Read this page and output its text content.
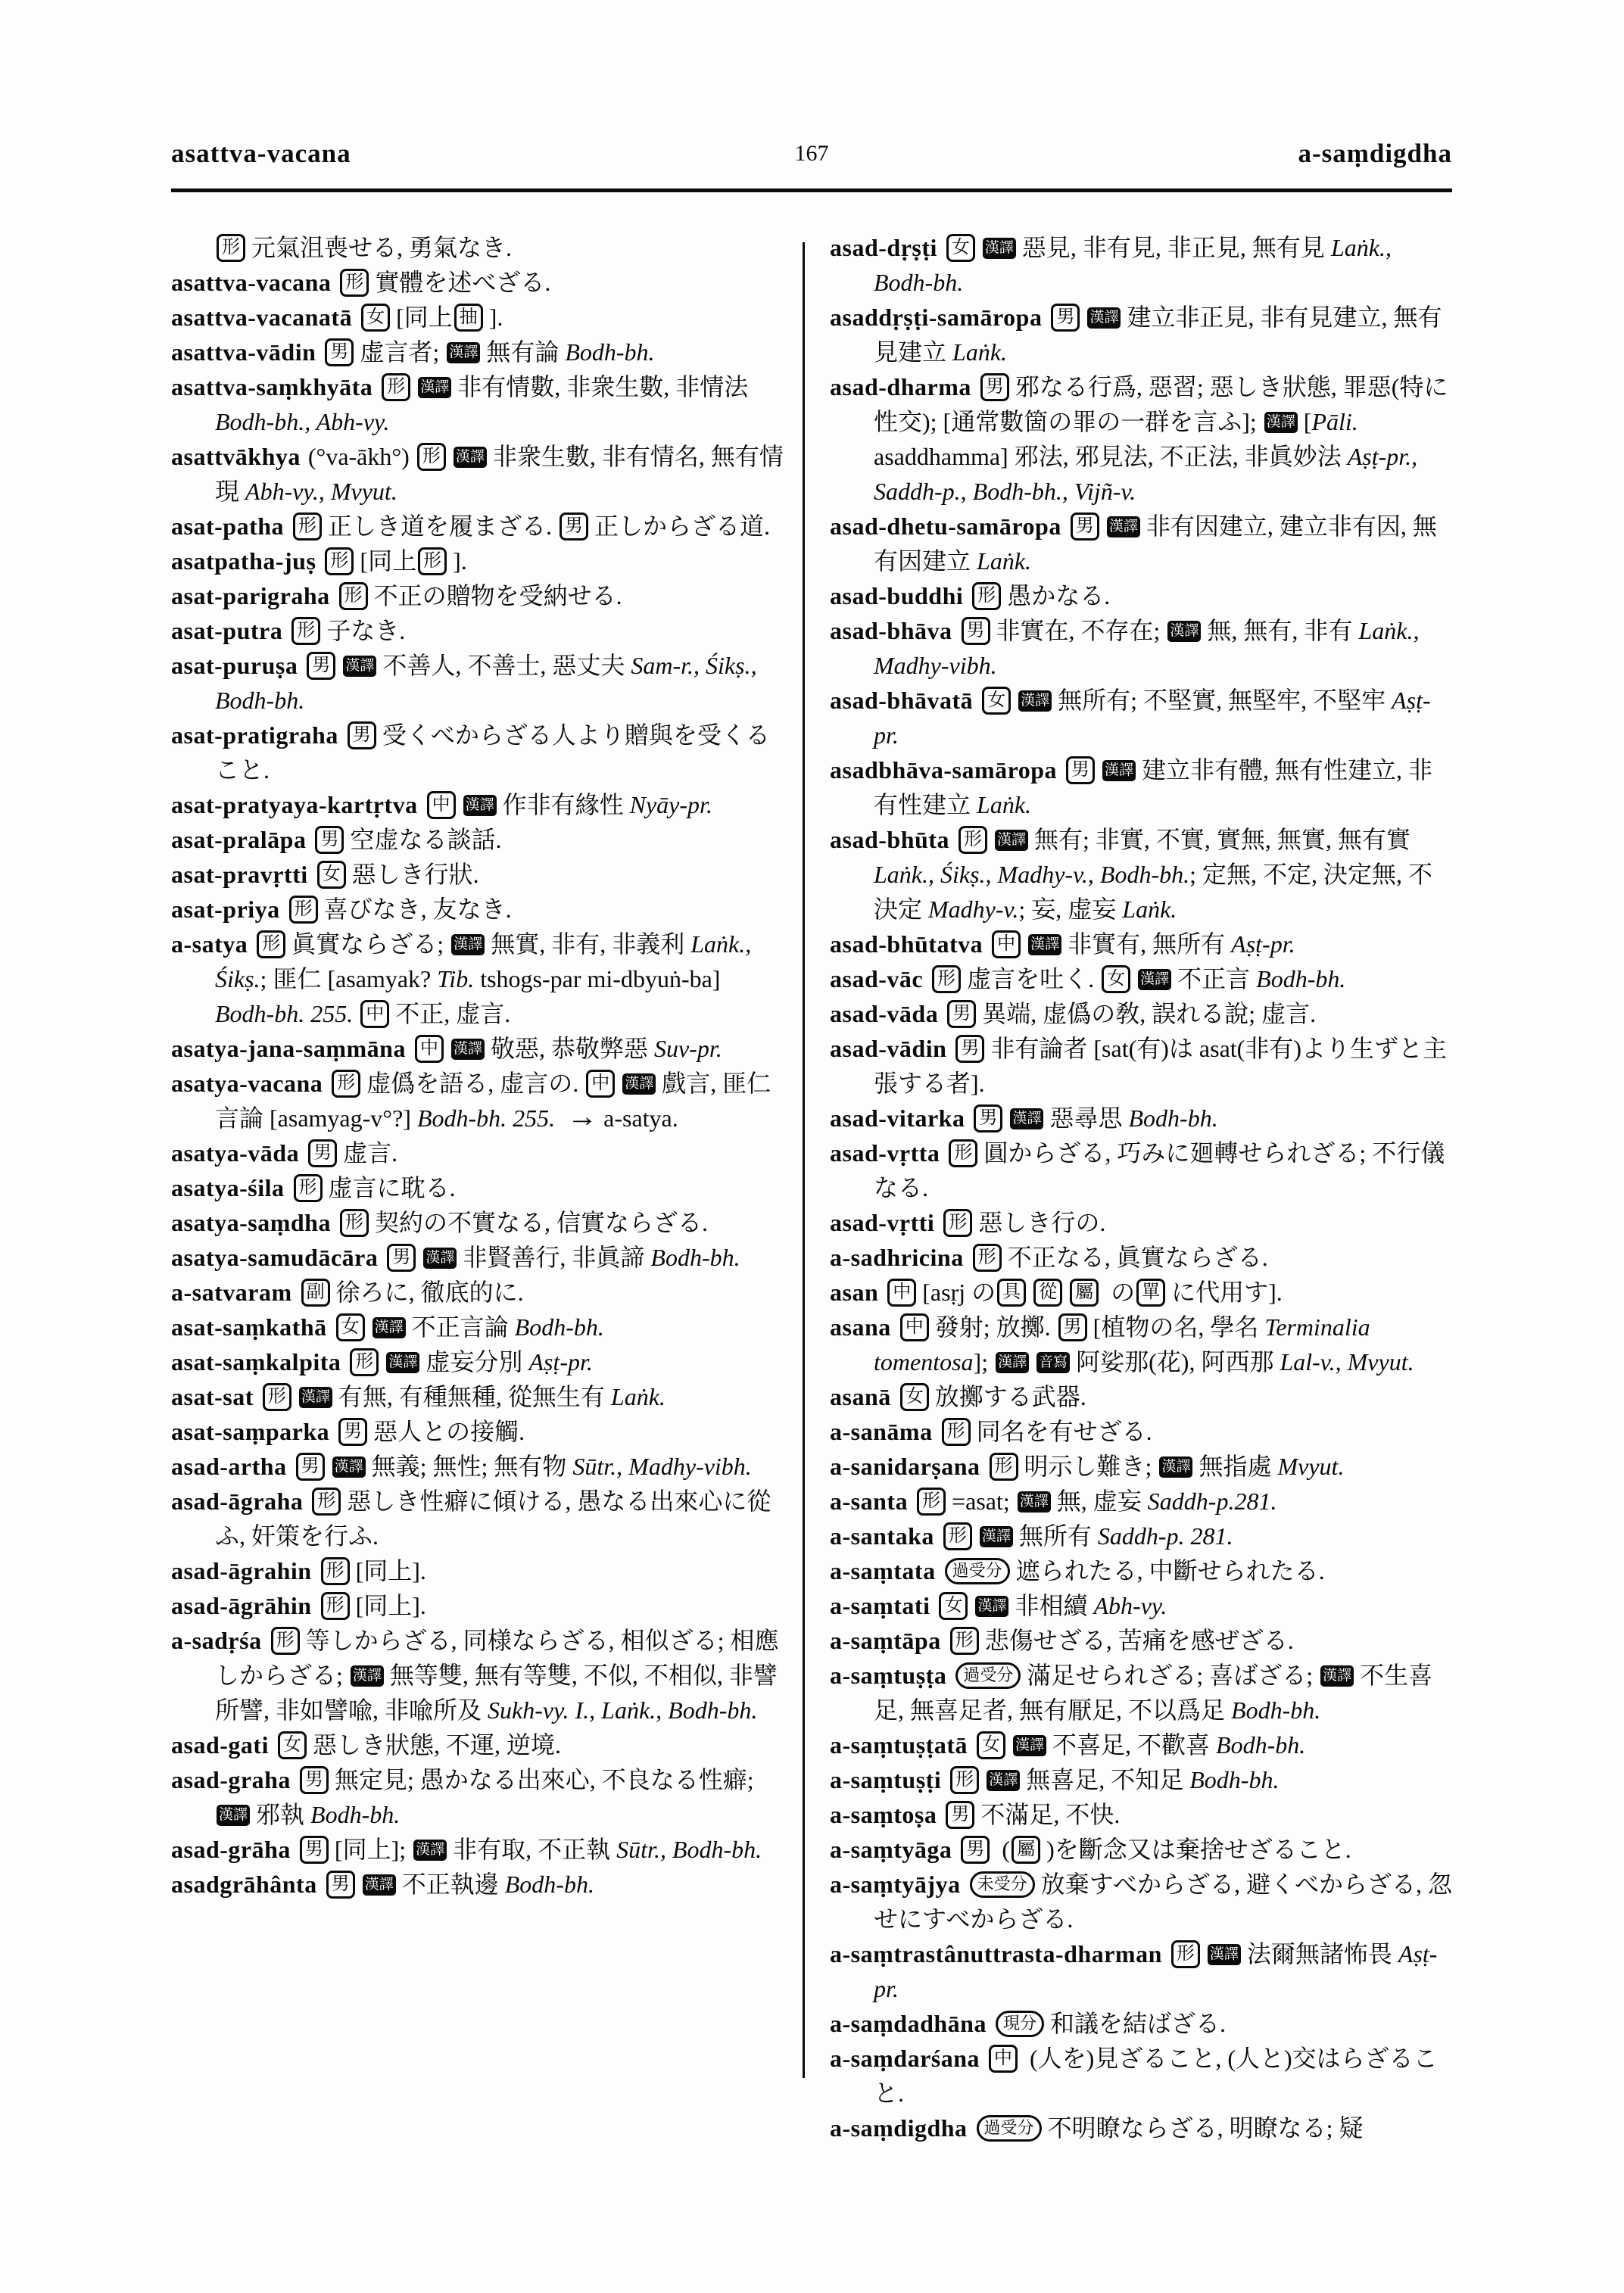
asattva-vacana	167	a-saṃdigdha
形 元氣沮喪せる, 勇氣なき.
asattva-vacana 形 實體を述べざる.
asattva-vacanatā 女 [同上 抽 ].
asattva-vādin 男 虚言者; 漢譯 無有論 Bodh-bh.
asattva-saṃkhyāta 形 漢譯 非有情數, 非衆生數, 非情法 Bodh-bh., Abh-vy.
asattvākhya (°va-ākh°) 形 漢譯 非衆生數, 非有情名, 無有情現 Abh-vy., Mvyut.
asat-patha 形 正しき道を履まざる. 男 正しからざる道.
asatpatha-juṣ 形 [同上 形 ].
asat-parigraha 形 不正の贈物を受納せる.
asat-putra 形 子なき.
asat-puruṣa 男 漢譯 不善人, 不善士, 惡丈夫 Sam-r., Śikṣ., Bodh-bh.
asat-pratigraha 男 受くべからざる人より贈與を受くること.
asat-pratyaya-kartṛtva 中 漢譯 作非有緣性 Nyāy-pr.
asat-pralāpa 男 空虚なる談話.
asat-pravṛtti 女 惡しき行狀.
asat-priya 形 喜びなき, 友なき.
a-satya 形 眞實ならざる; 漢譯 無實, 非有, 非義利 Laṅk., Śikṣ.; 匪仁 [asamyak? Tib. tshogs-par mi-dbyuṅ-ba] Bodh-bh. 255. 中 不正, 虚言.
asatya-jana-saṃmāna 中 漢譯 敬惡, 恭敬弊惡 Suv-pr.
asatya-vacana 形 虚僞を語る, 虚言の. 中 漢譯 戲言, 匪仁言論 [asamyag-v°?] Bodh-bh. 255. → a-satya.
asatya-vāda 男 虚言.
asatya-śila 形 虚言に耽る.
asatya-saṃdha 形 契約の不實なる, 信實ならざる.
asatya-samudācāra 男 漢譯 非賢善行, 非眞諦 Bodh-bh.
a-satvaram 副 徐ろに, 徹底的に.
asat-saṃkathā 女 漢譯 不正言論 Bodh-bh.
asat-saṃkalpita 形 漢譯 虚妄分別 Aṣṭ-pr.
asat-sat 形 漢譯 有無, 有種無種, 從無生有 Laṅk.
asat-saṃparka 男 惡人との接觸.
asad-artha 男 漢譯 無義; 無性; 無有物 Sūtr., Madhy-vibh.
asad-āgraha 形 惡しき性癖に傾ける, 愚なる出來心に從ふ, 奸策を行ふ.
asad-āgrahin 形 [同上].
asad-āgrāhin 形 [同上].
a-sadṛśa 形 等しからざる, 同様ならざる, 相似ざる; 相應しからざる; 漢譯 無等雙, 無有等雙, 不似, 不相似, 非譬所譬, 非如譬喩, 非喩所及 Sukh-vy. I., Laṅk., Bodh-bh.
asad-gati 女 惡しき狀態, 不運, 逆境.
asad-graha 男 無定見; 愚かなる出來心, 不良なる性癖; 漢譯 邪執 Bodh-bh.
asad-grāha 男 [同上]; 漢譯 非有取, 不正執 Sūtr., Bodh-bh.
asadgrāhânta 男 漢譯 不正執邊 Bodh-bh.
asad-dṛṣṭi 女 漢譯 惡見, 非有見, 非正見, 無有見 Laṅk., Bodh-bh.
asaddṛṣṭi-samāropa 男 漢譯 建立非正見, 非有見建立, 無有見建立 Laṅk.
asad-dharma 男 邪なる行爲, 惡習; 惡しき狀態, 罪惡(特に性交); [通常數箇の罪の一群を言ふ]; 漢譯 [Pāli. asaddhamma] 邪法, 邪見法, 不正法, 非眞妙法 Aṣṭ-pr., Saddh-p., Bodh-bh., Vijñ-v.
asad-dhetu-samāropa 男 漢譯 非有因建立, 建立非有因, 無有因建立 Laṅk.
asad-buddhi 形 愚かなる.
asad-bhāva 男 非實在, 不存在; 漢譯 無, 無有, 非有 Laṅk., Madhy-vibh.
asad-bhāvatā 女 漢譯 無所有; 不堅實, 無堅牢, 不堅牢 Aṣṭ-pr.
asadbhāva-samāropa 男 漢譯 建立非有體, 無有性建立, 非有性建立 Laṅk.
asad-bhūta 形 漢譯 無有; 非實, 不實, 實無, 無實, 無有實 Laṅk., Śikṣ., Madhy-v., Bodh-bh.; 定無, 不定, 決定無, 不決定 Madhy-v.; 妄, 虚妄 Laṅk.
asad-bhūtatva 中 漢譯 非實有, 無所有 Aṣṭ-pr.
asad-vāc 形 虚言を吐く. 女 漢譯 不正言 Bodh-bh.
asad-vāda 男 異端, 虚僞の敎, 誤れる說; 虚言.
asad-vādin 男 非有論者 [sat(有)は asat(非有)より生ずと主張する者].
asad-vitarka 男 漢譯 惡尋思 Bodh-bh.
asad-vṛtta 形 圓からざる, 巧みに廻轉せられざる; 不行儀なる.
asad-vṛtti 形 惡しき行の.
a-sadhricina 形 不正なる, 眞實ならざる.
asan 中 [asṛj の 具 從 屬 の 單 に代用す].
asana 中 發射; 放擲. 男 [植物の名, 學名 Terminalia tomentosa]; 漢譯 音寫 阿娑那(花), 阿西那 Lal-v., Mvyut.
asanā 女 放擲する武器.
a-sanāma 形 同名を有せざる.
a-sanidarṣana 形 明示し難き; 漢譯 無指處 Mvyut.
a-santa 形 =asat; 漢譯 無, 虚妄 Saddh-p.281.
a-santaka 形 漢譯 無所有 Saddh-p. 281.
a-saṃtata 過受分 遮られたる, 中斷せられたる.
a-saṃtati 女 漢譯 非相續 Abh-vy.
a-saṃtāpa 形 悲傷せざる, 苦痛を感ぜざる.
a-saṃtuṣṭa 過受分 滿足せられざる; 喜ばざる; 漢譯 不生喜足, 無喜足者, 無有厭足, 不以爲足 Bodh-bh.
a-saṃtuṣṭatā 女 漢譯 不喜足, 不歡喜 Bodh-bh.
a-saṃtuṣṭi 形 漢譯 無喜足, 不知足 Bodh-bh.
a-saṃtoṣa 男 不滿足, 不快.
a-saṃtyāga 男 ( 屬 )を斷念又は棄捨せざること.
a-saṃtyājya 未受分 放棄すべからざる, 避くべからざる, 忽せにすべからざる.
a-saṃtrastânuttrasta-dharman 形 漢譯 法爾無諸怖畏 Aṣṭ-pr.
a-saṃdadhāna 現分 和議を結ばざる.
a-saṃdarśana 中 (人を)見ざること, (人と)交はらざること.
a-saṃdigdha 過受分 不明瞭ならざる, 明瞭なる; 疑
